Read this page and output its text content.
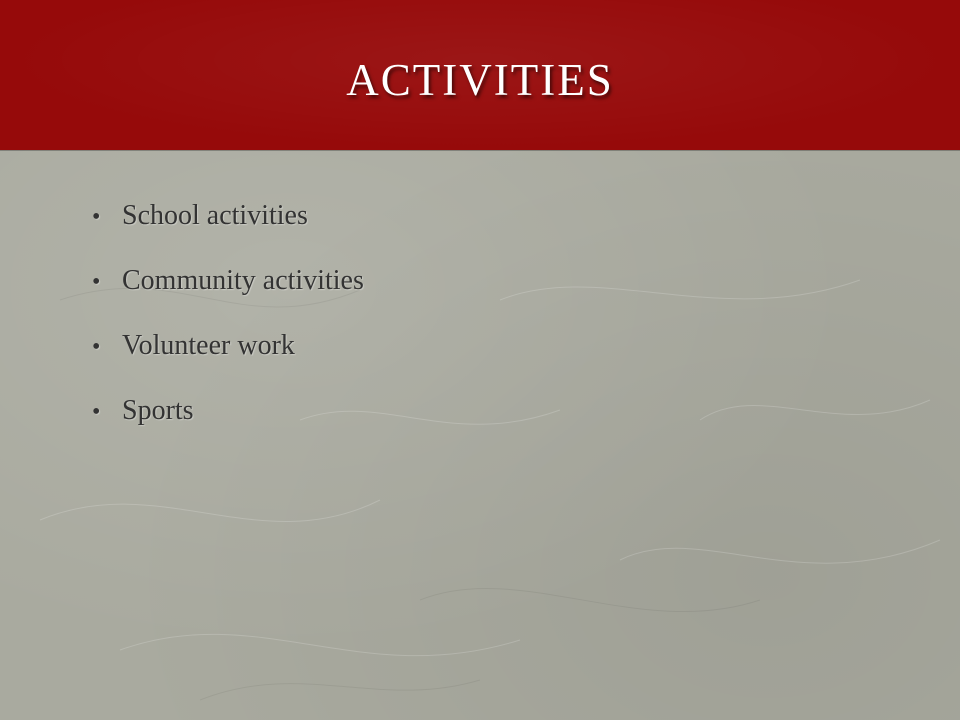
activities
• School activities
• Community activities
• Volunteer work
• Sports
